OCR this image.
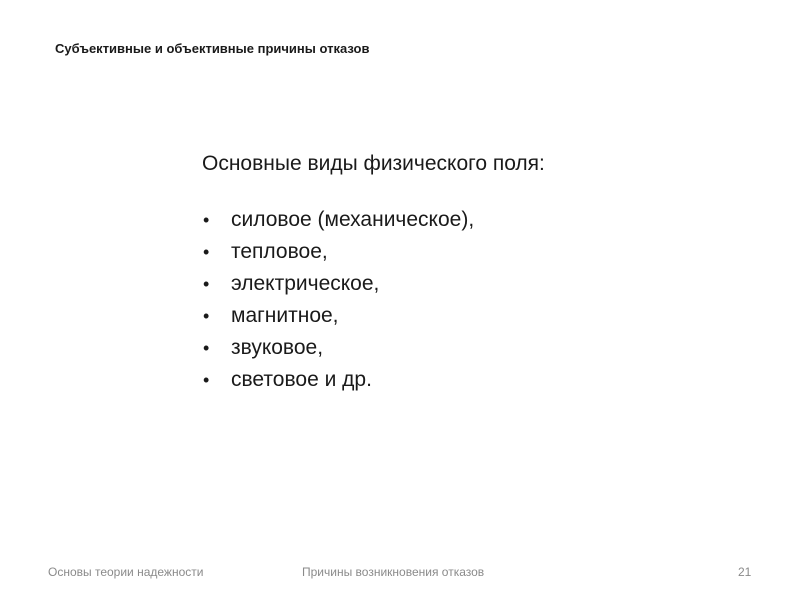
Субъективные и объективные причины отказов

Основные виды физического поля:

• силовое (механическое),
• тепловое,
• электрическое,
• магнитное,
• звуковое,
• световое и др.
Основы теории надежности	Причины возникновения отказов	21
